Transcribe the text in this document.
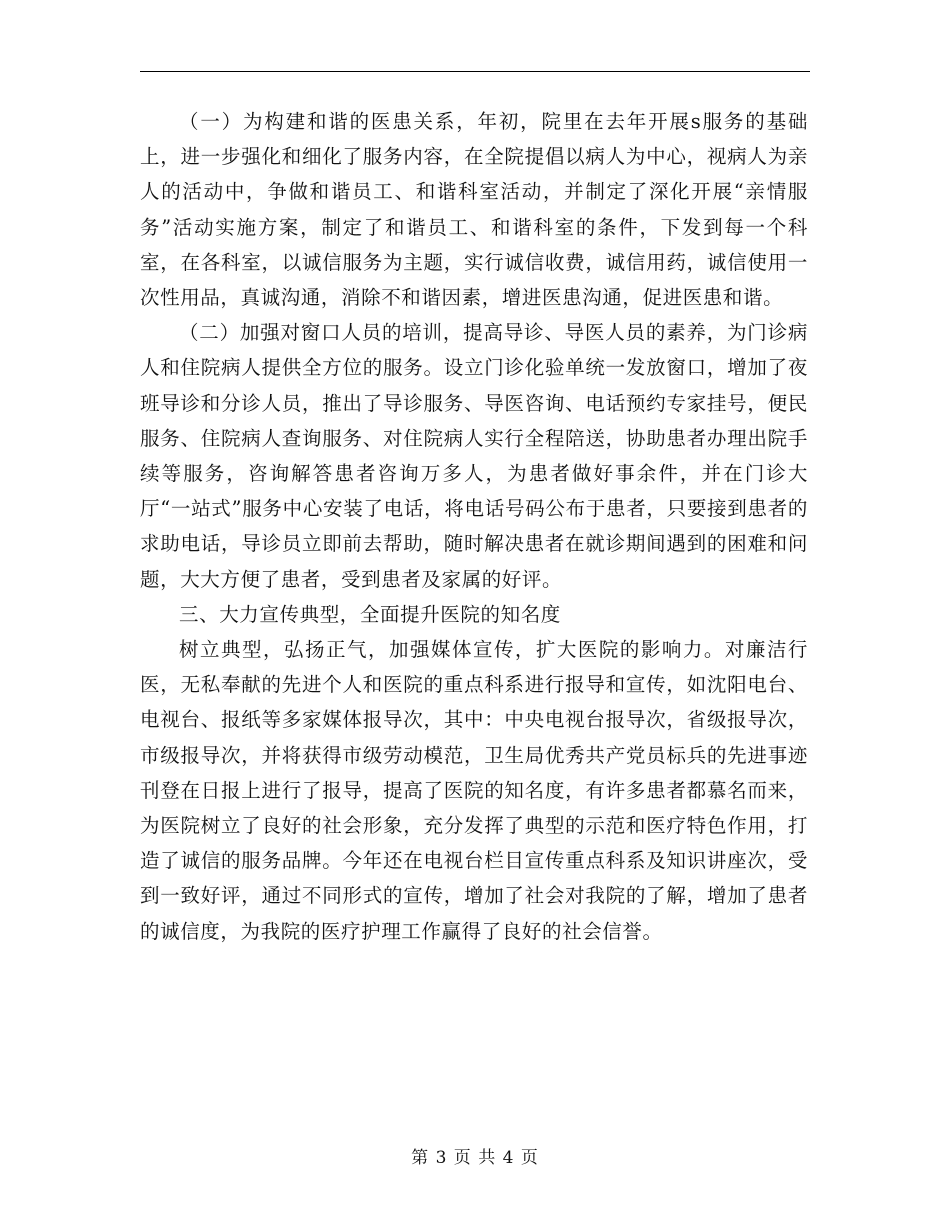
（一）为构建和谐的医患关系，年初，院里在去年开展s服务的基础上，进一步强化和细化了服务内容，在全院提倡以病人为中心，视病人为亲人的活动中，争做和谐员工、和谐科室活动，并制定了深化开展“亲情服务”活动实施方案，制定了和谐员工、和谐科室的条件，下发到每一个科室，在各科室，以诚信服务为主题，实行诚信收费，诚信用药，诚信使用一次性用品，真诚沟通，消除不和谐因素，增进医患沟通，促进医患和谐。

（二）加强对窗口人员的培训，提高导诊、导医人员的素养，为门诊病人和住院病人提供全方位的服务。设立门诊化验单统一发放窗口，增加了夜班导诊和分诊人员，推出了导诊服务、导医咨询、电话预约专家挂号，便民服务、住院病人查询服务、对住院病人实行全程陪送，协助患者办理出院手续等服务，咨询解答患者咨询万多人，为患者做好事余件，并在门诊大厅“一站式”服务中心安装了电话，将电话号码公布于患者，只要接到患者的求助电话，导诊员立即前去帮助，随时解决患者在就诊期间遇到的困难和问题，大大方便了患者，受到患者及家属的好评。

三、大力宣传典型，全面提升医院的知名度

树立典型，弘扬正气，加强媒体宣传，扩大医院的影响力。对廉洁行医，无私奉献的先进个人和医院的重点科系进行报导和宣传，如沈阳电台、电视台、报纸等多家媒体报导次，其中：中央电视台报导次，省级报导次，市级报导次，并将获得市级劳动模范，卫生局优秀共产党员标兵的先进事迹刊登在日报上进行了报导，提高了医院的知名度，有许多患者都慕名而来，为医院树立了良好的社会形象，充分发挥了典型的示范和医疗特色作用，打造了诚信的服务品牌。今年还在电视台栏目宣传重点科系及知识讲座次，受到一致好评，通过不同形式的宣传，增加了社会对我院的了解，增加了患者的诚信度，为我院的医疗护理工作赢得了良好的社会信誉。

第 3 页 共 4 页
